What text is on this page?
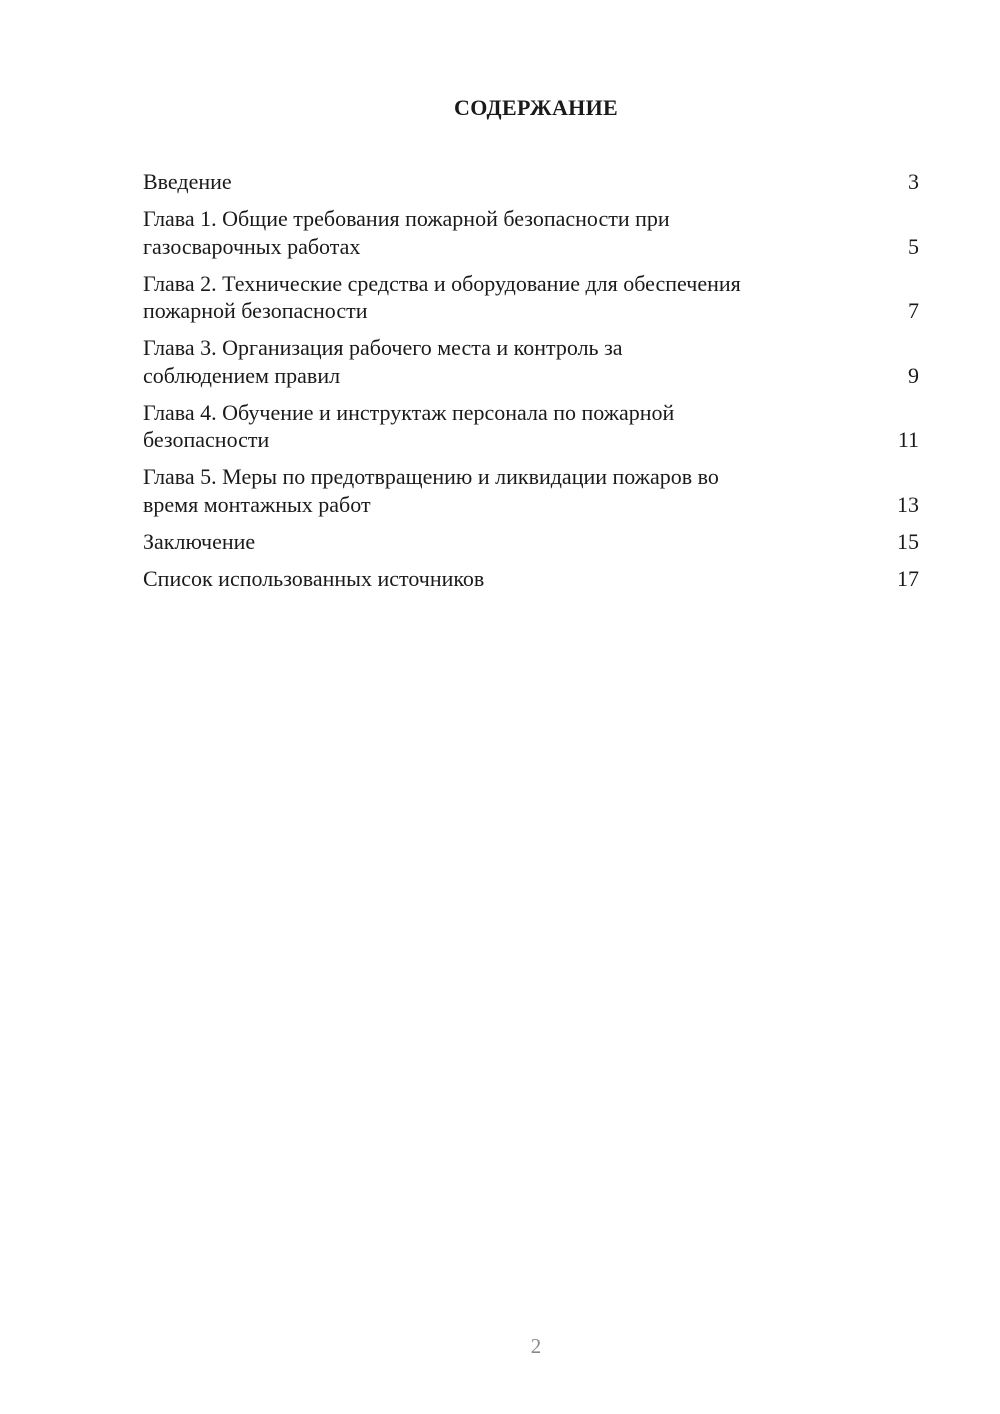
СОДЕРЖАНИЕ
Введение	3
Глава 1. Общие требования пожарной безопасности при
газосварочных работах	5
Глава 2. Технические средства и оборудование для обеспечения
пожарной безопасности	7
Глава 3. Организация рабочего места и контроль за
соблюдением правил	9
Глава 4. Обучение и инструктаж персонала по пожарной
безопасности	11
Глава 5. Меры по предотвращению и ликвидации пожаров во
время монтажных работ	13
Заключение	15
Список использованных источников	17
2
